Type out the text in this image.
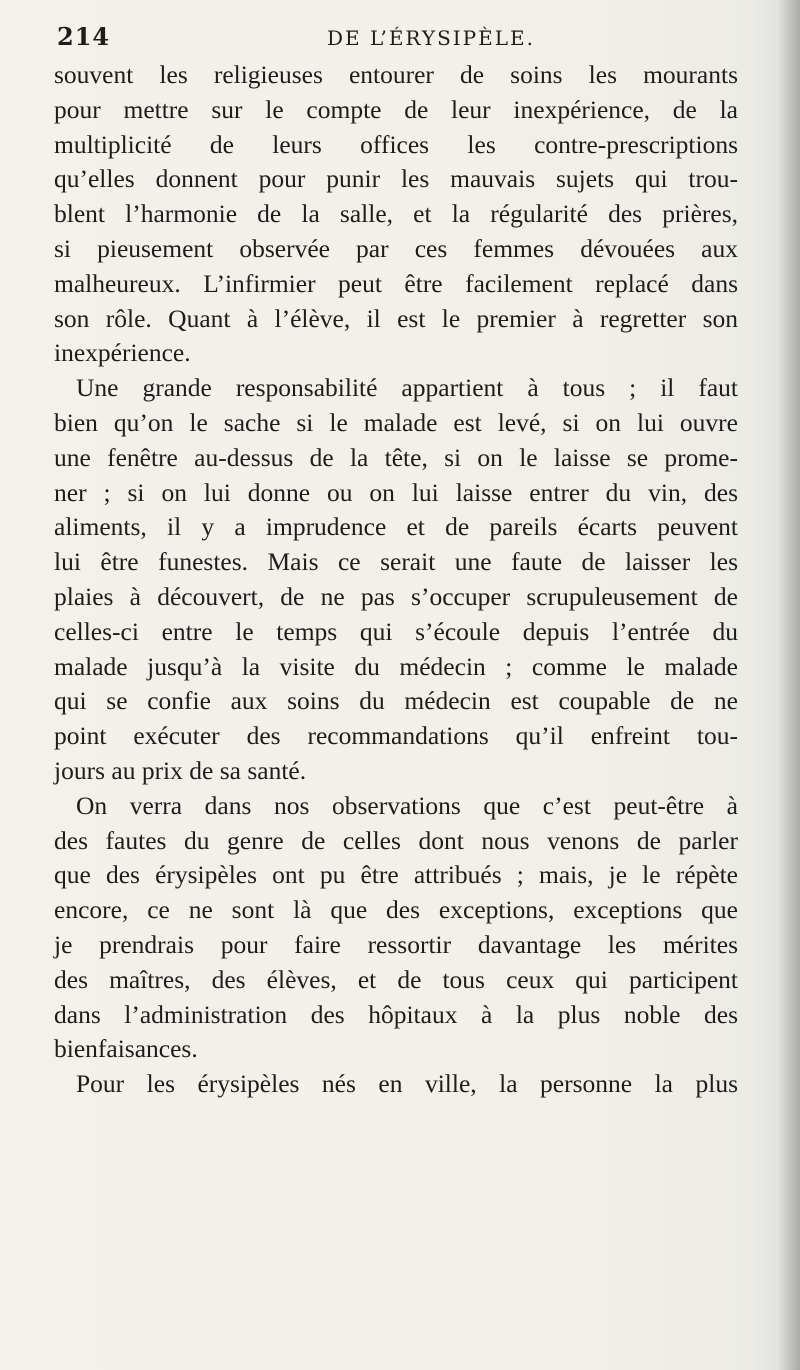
214	DE L’ÉRYSIPÈLE.
souvent les religieuses entourer de soins les mourants
pour mettre sur le compte de leur inexpérience, de la
multiplicité de leurs offices les contre-prescriptions
qu’elles donnent pour punir les mauvais sujets qui trou-
blent l’harmonie de la salle, et la régularité des prières,
si pieusement observée par ces femmes dévouées aux
malheureux. L’infirmier peut être facilement replacé dans
son rôle. Quant à l’élève, il est le premier à regretter son
inexpérience.
Une grande responsabilité appartient à tous ; il faut
bien qu’on le sache si le malade est levé, si on lui ouvre
une fenêtre au-dessus de la tête, si on le laisse se prome-
ner ; si on lui donne ou on lui laisse entrer du vin, des
aliments, il y a imprudence et de pareils écarts peuvent
lui être funestes. Mais ce serait une faute de laisser les
plaies à découvert, de ne pas s’occuper scrupuleusement de
celles-ci entre le temps qui s’écoule depuis l’entrée du
malade jusqu’à la visite du médecin ; comme le malade
qui se confie aux soins du médecin est coupable de ne
point exécuter des recommandations qu’il enfreint tou-
jours au prix de sa santé.
On verra dans nos observations que c’est peut-être à
des fautes du genre de celles dont nous venons de parler
que des érysipèles ont pu être attribués ; mais, je le répète
encore, ce ne sont là que des exceptions, exceptions que
je prendrais pour faire ressortir davantage les mérites
des maîtres, des élèves, et de tous ceux qui participent
dans l’administration des hôpitaux à la plus noble des
bienfaisances.
Pour les érysipèles nés en ville, la personne la plus
